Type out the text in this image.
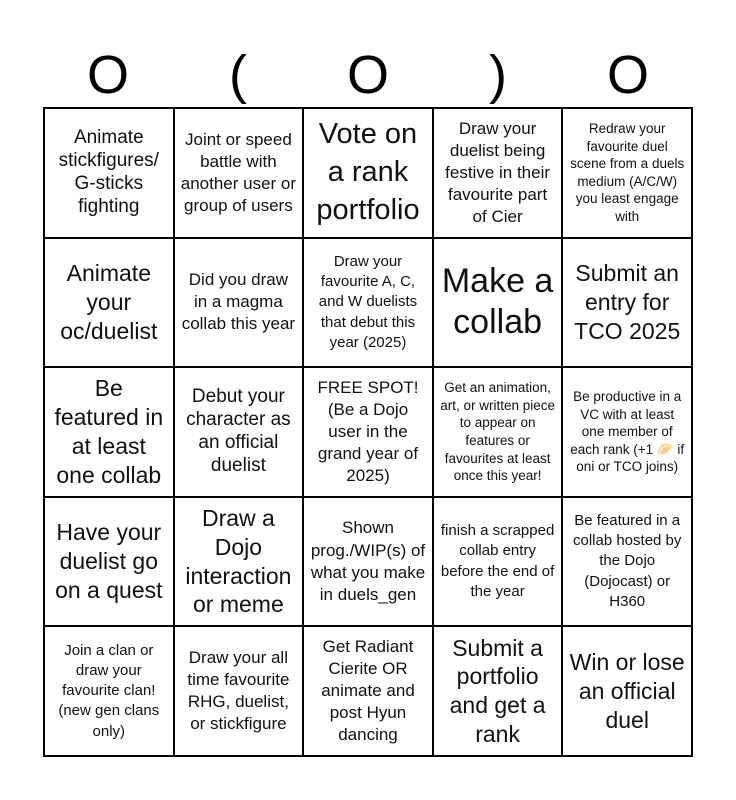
O	(	O	)	O
Animate stickfigures/ G-sticks fighting
Joint or speed battle with another user or group of users
Vote on a rank portfolio
Draw your duelist being festive in their favourite part of Cier
Redraw your favourite duel scene from a duels medium (A/C/W) you least engage with
Animate your oc/duelist
Did you draw in a magma collab this year
Draw your favourite A, C, and W duelists that debut this year (2025)
Make a collab
Submit an entry for TCO 2025
Be featured in at least one collab
Debut your character as an official duelist
FREE SPOT! (Be a Dojo user in the grand year of 2025)
Get an animation, art, or written piece to appear on features or favourites at least once this year!
Be productive in a VC with at least one member of each rank (+1 🥟 if oni or TCO joins)
Have your duelist go on a quest
Draw a Dojo interaction or meme
Shown prog./WIP(s) of what you make in duels_gen
finish a scrapped collab entry before the end of the year
Be featured in a collab hosted by the Dojo (Dojocast) or H360
Join a clan or draw your favourite clan! (new gen clans only)
Draw your all time favourite RHG, duelist, or stickfigure
Get Radiant Cierite OR animate and post Hyun dancing
Submit a portfolio and get a rank
Win or lose an official duel
